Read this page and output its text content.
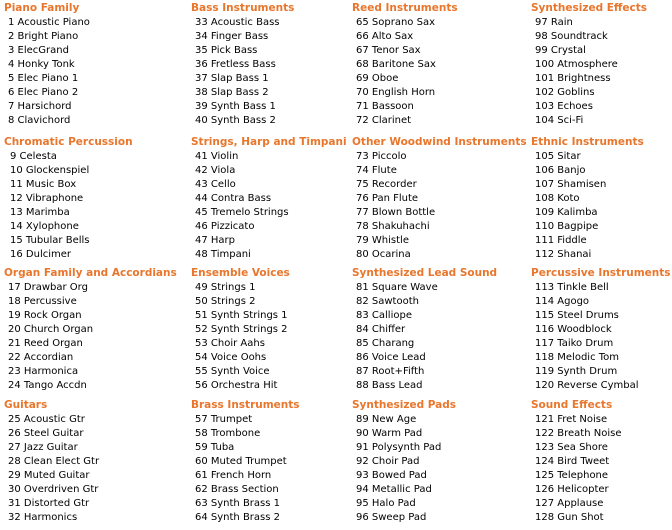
Piano Family
1 Acoustic Piano
2 Bright Piano
3 ElecGrand
4 Honky Tonk
5 Elec Piano 1
6 Elec Piano 2
7 Harsichord
8 Clavichord
Bass Instruments
33 Acoustic Bass
34 Finger Bass
35 Pick Bass
36 Fretless Bass
37 Slap Bass 1
38 Slap Bass 2
39 Synth Bass 1
40 Synth Bass 2
Reed Instruments
65 Soprano Sax
66 Alto Sax
67 Tenor Sax
68 Baritone Sax
69 Oboe
70 English Horn
71 Bassoon
72 Clarinet
Synthesized Effects
97 Rain
98 Soundtrack
99 Crystal
100 Atmosphere
101 Brightness
102 Goblins
103 Echoes
104 Sci-Fi
Chromatic Percussion
9 Celesta
10 Glockenspiel
11 Music Box
12 Vibraphone
13 Marimba
14 Xylophone
15 Tubular Bells
16 Dulcimer
Strings, Harp and Timpani
41 Violin
42 Viola
43 Cello
44 Contra Bass
45 Tremelo Strings
46 Pizzicato
47 Harp
48 Timpani
Other Woodwind Instruments
73 Piccolo
74 Flute
75 Recorder
76 Pan Flute
77 Blown Bottle
78 Shakuhachi
79 Whistle
80 Ocarina
Ethnic Instruments
105 Sitar
106 Banjo
107 Shamisen
108 Koto
109 Kalimba
110 Bagpipe
111 Fiddle
112 Shanai
Organ Family and Accordians
17 Drawbar Org
18 Percussive
19 Rock Organ
20 Church Organ
21 Reed Organ
22 Accordian
23 Harmonica
24 Tango Accdn
Ensemble Voices
49 Strings 1
50 Strings 2
51 Synth Strings 1
52 Synth Strings 2
53 Choir Aahs
54 Voice Oohs
55 Synth Voice
56 Orchestra Hit
Synthesized Lead Sound
81 Square Wave
82 Sawtooth
83 Calliope
84 Chiffer
85 Charang
86 Voice Lead
87 Root+Fifth
88 Bass Lead
Percussive Instruments
113 Tinkle Bell
114 Agogo
115 Steel Drums
116 Woodblock
117 Taiko Drum
118 Melodic Tom
119 Synth Drum
120 Reverse Cymbal
Guitars
25 Acoustic Gtr
26 Steel Guitar
27 Jazz Guitar
28 Clean Elect Gtr
29 Muted Guitar
30 Overdriven Gtr
31 Distorted Gtr
32 Harmonics
Brass Instruments
57 Trumpet
58 Trombone
59 Tuba
60 Muted Trumpet
61 French Horn
62 Brass Section
63 Synth Brass 1
64 Synth Brass 2
Synthesized Pads
89 New Age
90 Warm Pad
91 Polysynth Pad
92 Choir Pad
93 Bowed Pad
94 Metallic Pad
95 Halo Pad
96 Sweep Pad
Sound Effects
121 Fret Noise
122 Breath Noise
123 Sea Shore
124 Bird Tweet
125 Telephone
126 Helicopter
127 Applause
128 Gun Shot
